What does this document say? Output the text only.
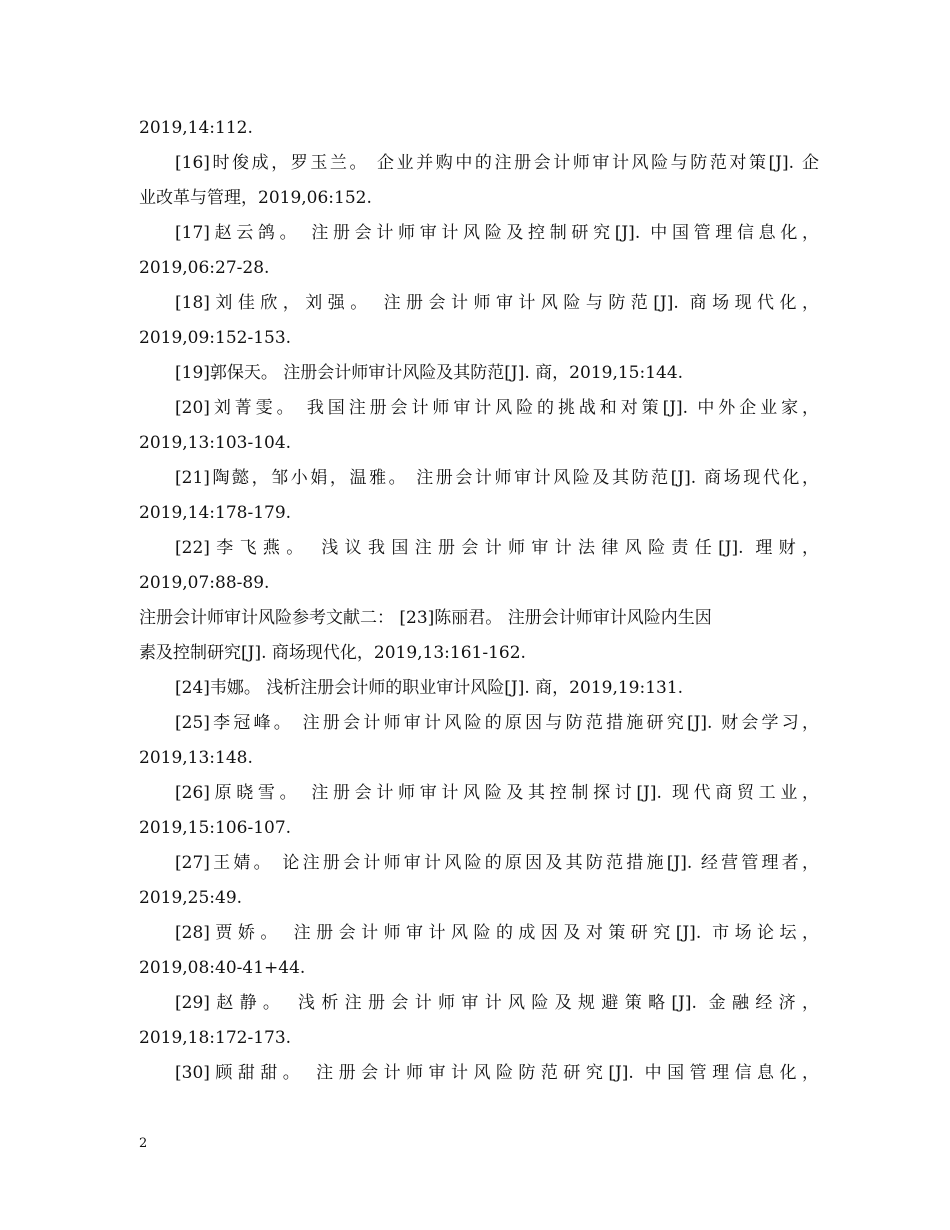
2019,14:112.
[16]时俊成，罗玉兰。 企业并购中的注册会计师审计风险与防范对策[J]. 企
业改革与管理，2019,06:152.
[17]赵云鸽。 注册会计师审计风险及控制研究[J]. 中国管理信息化，
2019,06:27-28.
[18]刘佳欣，刘强。 注册会计师审计风险与防范[J]. 商场现代化，
2019,09:152-153.
[19]郭保天。 注册会计师审计风险及其防范[J]. 商，2019,15:144.
[20]刘菁雯。 我国注册会计师审计风险的挑战和对策[J]. 中外企业家，
2019,13:103-104.
[21]陶懿，邹小娟，温雅。 注册会计师审计风险及其防范[J]. 商场现代化，
2019,14:178-179.
[22]李飞燕。 浅议我国注册会计师审计法律风险责任[J]. 理财，
2019,07:88-89.
注册会计师审计风险参考文献二： [23]陈丽君。 注册会计师审计风险内生因
素及控制研究[J]. 商场现代化，2019,13:161-162.
[24]韦娜。 浅析注册会计师的职业审计风险[J]. 商，2019,19:131.
[25]李冠峰。 注册会计师审计风险的原因与防范措施研究[J]. 财会学习，
2019,13:148.
[26]原晓雪。 注册会计师审计风险及其控制探讨[J]. 现代商贸工业，
2019,15:106-107.
[27]王婧。 论注册会计师审计风险的原因及其防范措施[J]. 经营管理者，
2019,25:49.
[28]贾娇。 注册会计师审计风险的成因及对策研究[J]. 市场论坛，
2019,08:40-41+44.
[29]赵静。 浅析注册会计师审计风险及规避策略[J]. 金融经济，
2019,18:172-173.
[30]顾甜甜。 注册会计师审计风险防范研究[J]. 中国管理信息化，
2
